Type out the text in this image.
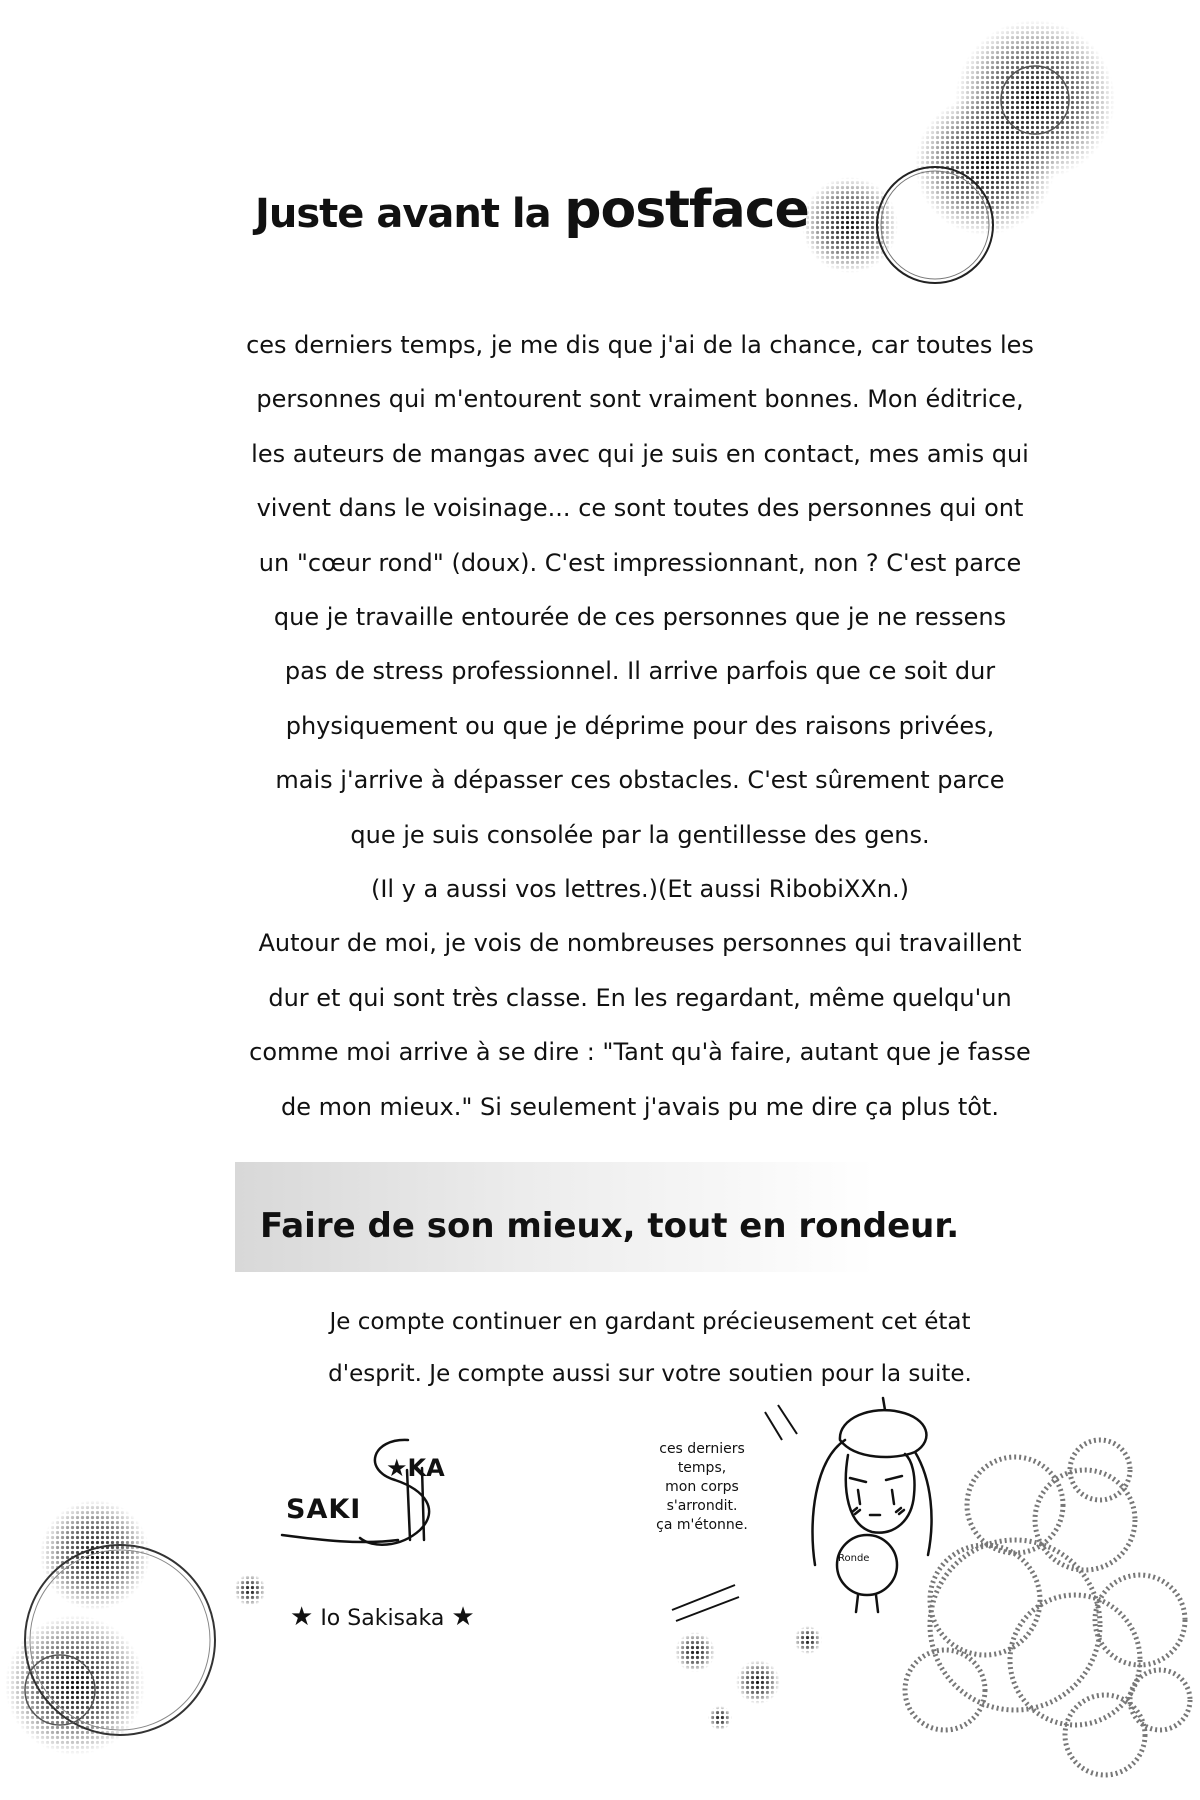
Juste avant la postface
ces derniers temps, je me dis que j'ai de la chance, car toutes les
personnes qui m'entourent sont vraiment bonnes. Mon éditrice,
les auteurs de mangas avec qui je suis en contact, mes amis qui
vivent dans le voisinage... ce sont toutes des personnes qui ont
un "cœur rond" (doux). C'est impressionnant, non ? C'est parce
que je travaille entourée de ces personnes que je ne ressens
pas de stress professionnel. Il arrive parfois que ce soit dur
physiquement ou que je déprime pour des raisons privées,
mais j'arrive à dépasser ces obstacles. C'est sûrement parce
que je suis consolée par la gentillesse des gens.
(Il y a aussi vos lettres.)(Et aussi RibobiXXn.)
Autour de moi, je vois de nombreuses personnes qui travaillent
dur et qui sont très classe. En les regardant, même quelqu'un
comme moi arrive à se dire : "Tant qu'à faire, autant que je fasse
de mon mieux." Si seulement j'avais pu me dire ça plus tôt.

Faire de son mieux, tout en rondeur.

Je compte continuer en gardant précieusement cet état
d'esprit. Je compte aussi sur votre soutien pour la suite.
★KA
SAKI
★ Io Sakisaka ★
ces derniers
temps,
mon corps
s'arrondit.
ça m'étonne.
Ronde
